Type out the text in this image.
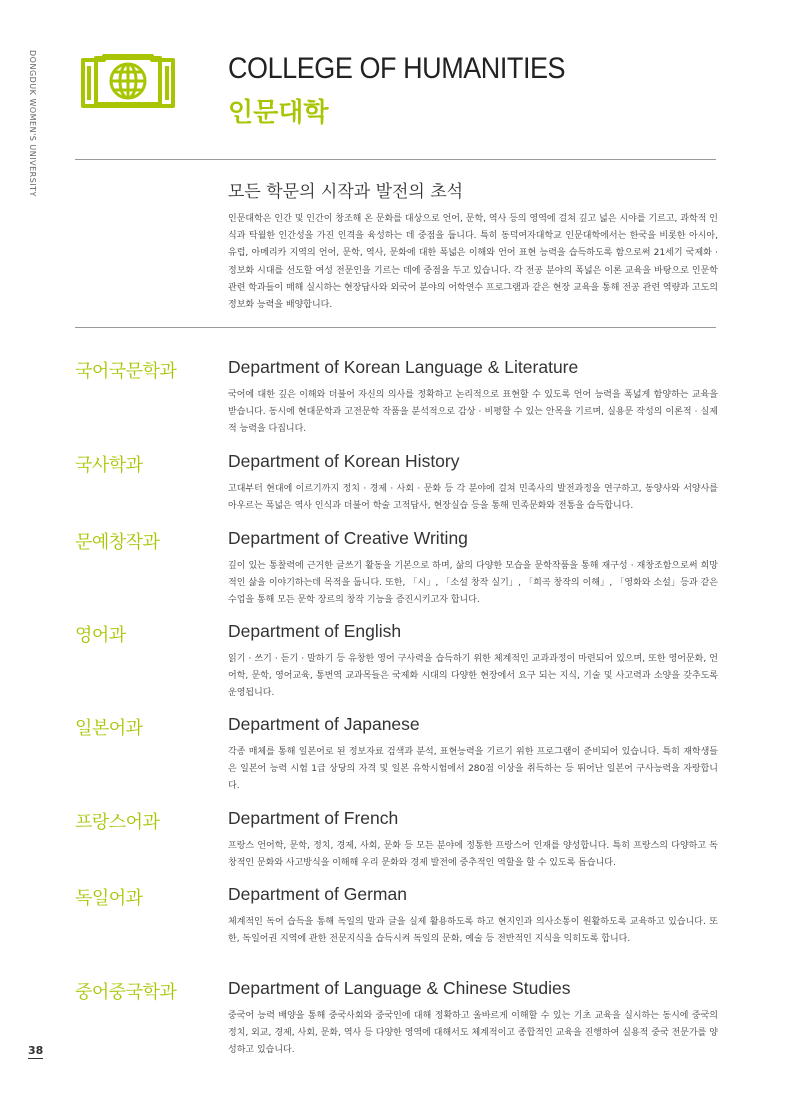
DONGDUK WOMEN'S UNIVERSITY	COLLEGE OF HUMANITIES
인문대학
모든 학문의 시작과 발전의 초석

인문대학은 인간 및 인간이 창조해 온 문화를 대상으로 언어, 문학, 역사 등의 영역에 걸쳐 깊고 넓은 시야를 기르고, 과학적 인식과 탁월한 인간성을 가진 인격을 육성하는 데 중점을 둡니다. 특히 동덕여자대학교 인문대학에서는 한국을 비롯한 아시아, 유럽, 아메리카 지역의 언어, 문학, 역사, 문화에 대한 폭넓은 이해와 언어 표현 능력을 습득하도록 함으로써 21세기 국제화 · 정보화 시대를 선도할 여성 전문인을 기르는 데에 중점을 두고 있습니다. 각 전공 분야의 폭넓은 이론 교육을 바탕으로 인문학 관련 학과들이 매해 실시하는 현장답사와 외국어 분야의 어학연수 프로그램과 같은 현장 교육을 통해 전공 관련 역량과 고도의 정보화 능력을 배양합니다.

국어국문학과	Department of Korean Language & Literature

국어에 대한 깊은 이해와 더불어 자신의 의사를 정확하고 논리적으로 표현할 수 있도록 언어 능력을 폭넓게 함양하는 교육을 받습니다. 동시에 현대문학과 고전문학 작품을 분석적으로 감상 · 비평할 수 있는 안목을 기르며, 실용문 작성의 이론적 · 실제적 능력을 다집니다.

국사학과	Department of Korean History

고대부터 현대에 이르기까지 정치 · 경제 · 사회 · 문화 등 각 분야에 걸쳐 민족사의 발전과정을 연구하고, 동양사와 서양사를 아우르는 폭넓은 역사 인식과 더불어 학술 고적답사, 현장실습 등을 통해 민족문화와 전통을 습득합니다.

문예창작과	Department of Creative Writing

깊이 있는 통찰력에 근거한 글쓰기 활동을 기본으로 하며, 삶의 다양한 모습을 문학작품을 통해 재구성 · 재창조함으로써 희망적인 삶을 이야기하는데 목적을 둡니다. 또한, 「시」, 「소설 창작 실기」, 「희곡 창작의 이해」, 「영화와 소설」등과 같은 수업을 통해 모든 문학 장르의 창작 기능을 증진시키고자 합니다.

영어과	Department of English

읽기 · 쓰기 · 듣기 · 말하기 등 유창한 영어 구사력을 습득하기 위한 체계적인 교과과정이 마련되어 있으며, 또한 영어문화, 언어학, 문학, 영어교육, 통번역 교과목들은 국제화 시대의 다양한 현장에서 요구 되는 지식, 기술 및 사고력과 소양을 갖추도록 운영됩니다.

일본어과	Department of Japanese

각종 매체를 통해 일본어로 된 정보자료 검색과 분석, 표현능력을 기르기 위한 프로그램이 준비되어 있습니다. 특히 재학생들은 일본어 능력 시험 1급 상당의 자격 및 일본 유학시험에서 280점 이상을 취득하는 등 뛰어난 일본어 구사능력을 자랑합니다.

프랑스어과	Department of French

프랑스 언어학, 문학, 정치, 경제, 사회, 문화 등 모든 분야에 정통한 프랑스어 인재를 양성합니다. 특히 프랑스의 다양하고 독창적인 문화와 사고방식을 이해해 우리 문화와 경제 발전에 중추적인 역할을 할 수 있도록 돕습니다.

독일어과	Department of German

체계적인 독어 습득을 통해 독일의 말과 글을 실제 활용하도록 하고 현지인과 의사소통이 원활하도록 교육하고 있습니다. 또한, 독일어권 지역에 관한 전문지식을 습득시켜 독일의 문화, 예술 등 전반적인 지식을 익히도록 합니다.

중어중국학과	Department of Language & Chinese Studies

중국어 능력 배양을 통해 중국사회와 중국인에 대해 정확하고 올바르게 이해할 수 있는 기초 교육을 실시하는 동시에 중국의 정치, 외교, 경제, 사회, 문화, 역사 등 다양한 영역에 대해서도 체계적이고 종합적인 교육을 진행하여 실용적 중국 전문가를 양성하고 있습니다.

38
